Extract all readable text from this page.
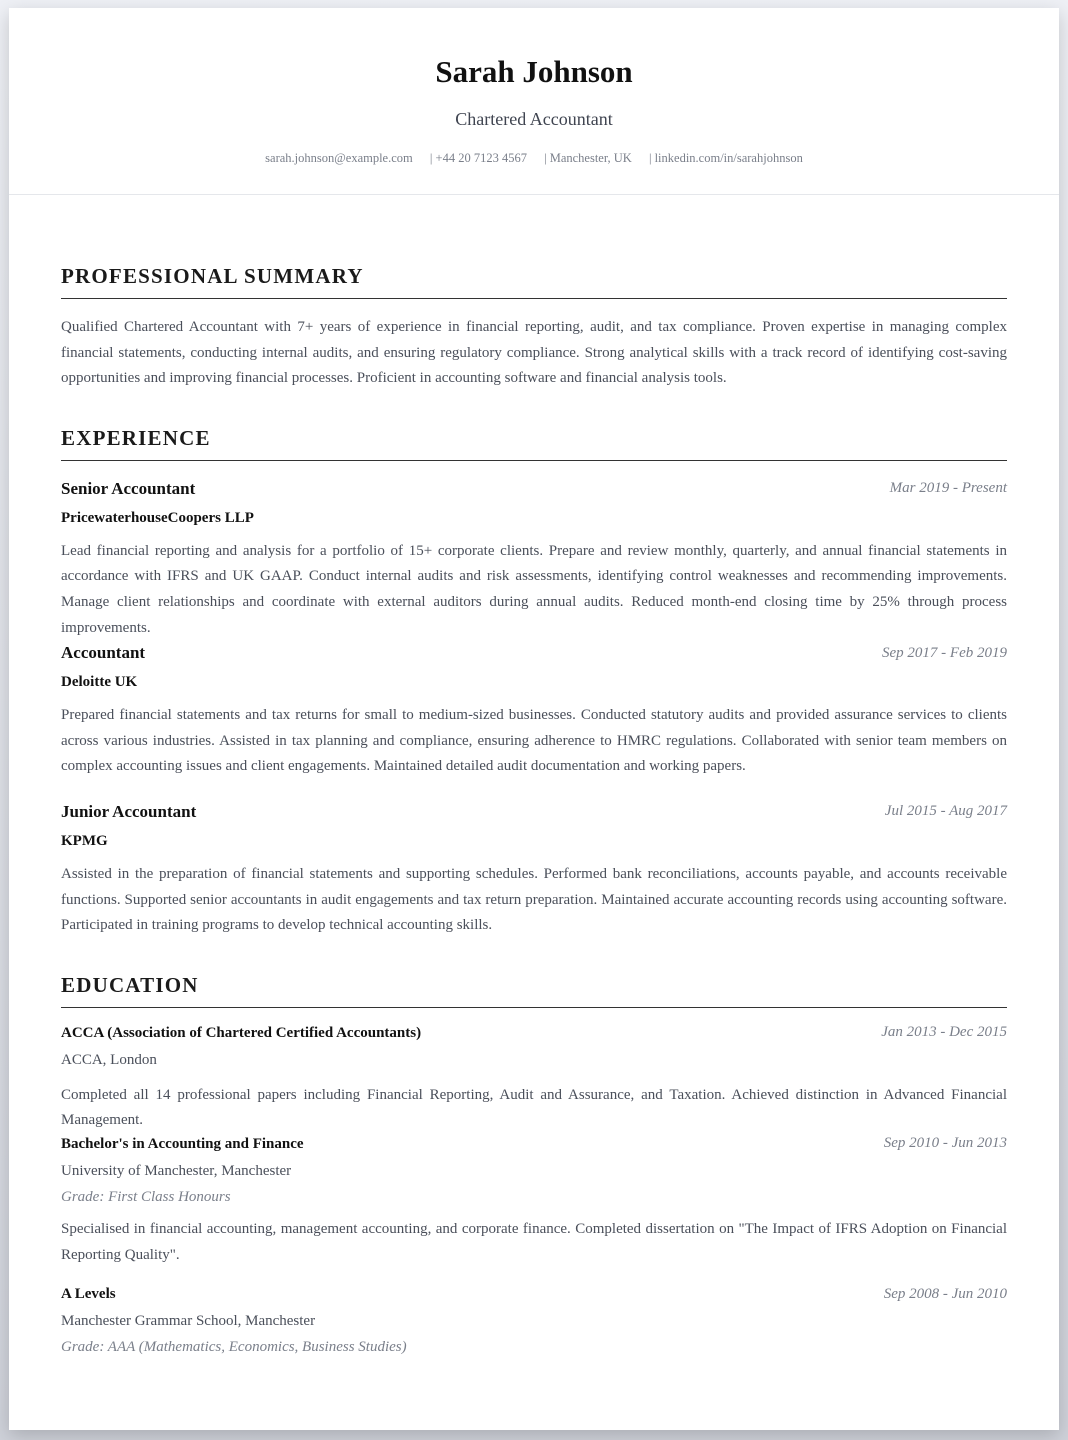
Sarah Johnson
Chartered Accountant
sarah.johnson@example.com | +44 20 7123 4567 | Manchester, UK | linkedin.com/in/sarahjohnson
PROFESSIONAL SUMMARY
Qualified Chartered Accountant with 7+ years of experience in financial reporting, audit, and tax compliance. Proven expertise in managing complex financial statements, conducting internal audits, and ensuring regulatory compliance. Strong analytical skills with a track record of identifying cost-saving opportunities and improving financial processes. Proficient in accounting software and financial analysis tools.
EXPERIENCE
Senior Accountant	Mar 2019 - Present
PricewaterhouseCoopers LLP
Lead financial reporting and analysis for a portfolio of 15+ corporate clients. Prepare and review monthly, quarterly, and annual financial statements in accordance with IFRS and UK GAAP. Conduct internal audits and risk assessments, identifying control weaknesses and recommending improvements. Manage client relationships and coordinate with external auditors during annual audits. Reduced month-end closing time by 25% through process improvements.
Accountant	Sep 2017 - Feb 2019
Deloitte UK
Prepared financial statements and tax returns for small to medium-sized businesses. Conducted statutory audits and provided assurance services to clients across various industries. Assisted in tax planning and compliance, ensuring adherence to HMRC regulations. Collaborated with senior team members on complex accounting issues and client engagements. Maintained detailed audit documentation and working papers.
Junior Accountant	Jul 2015 - Aug 2017
KPMG
Assisted in the preparation of financial statements and supporting schedules. Performed bank reconciliations, accounts payable, and accounts receivable functions. Supported senior accountants in audit engagements and tax return preparation. Maintained accurate accounting records using accounting software. Participated in training programs to develop technical accounting skills.
EDUCATION
ACCA (Association of Chartered Certified Accountants)	Jan 2013 - Dec 2015
ACCA, London
Completed all 14 professional papers including Financial Reporting, Audit and Assurance, and Taxation. Achieved distinction in Advanced Financial Management.
Bachelor's in Accounting and Finance	Sep 2010 - Jun 2013
University of Manchester, Manchester
Grade: First Class Honours
Specialised in financial accounting, management accounting, and corporate finance. Completed dissertation on "The Impact of IFRS Adoption on Financial Reporting Quality".
A Levels	Sep 2008 - Jun 2010
Manchester Grammar School, Manchester
Grade: AAA (Mathematics, Economics, Business Studies)
